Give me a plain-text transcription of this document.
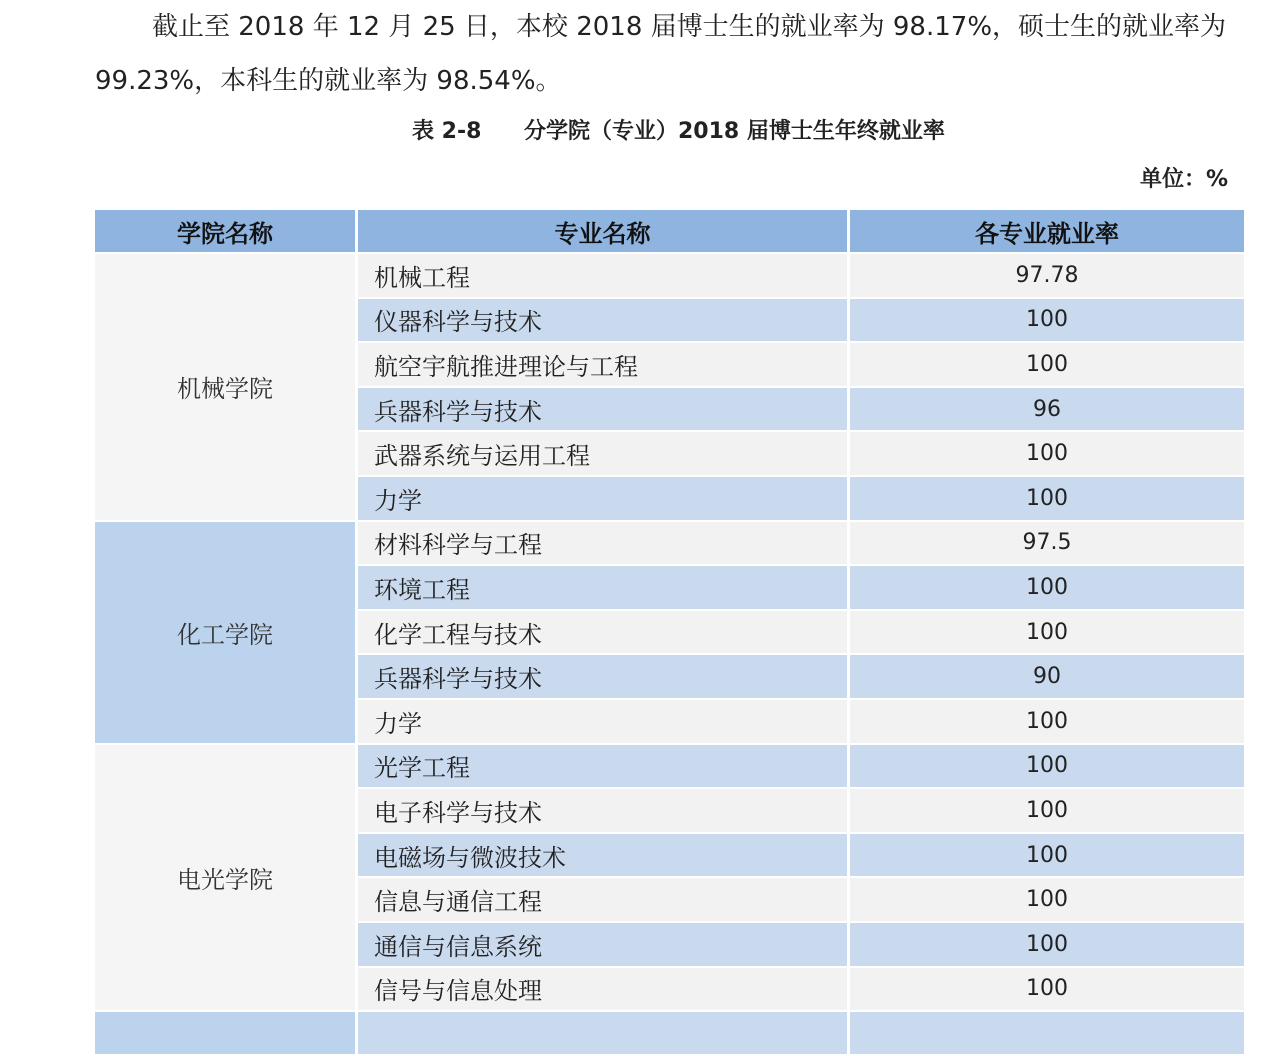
截止至 2018 年 12 月 25 日，本校 2018 届博士生的就业率为 98.17%，硕士生的就业率为
99.23%，本科生的就业率为 98.54%。
表 2-8 分学院（专业）2018 届博士生年终就业率
单位：%
学院名称	专业名称	各专业就业率
机械学院
机械工程	97.78
仪器科学与技术	100
航空宇航推进理论与工程	100
兵器科学与技术	96
武器系统与运用工程	100
力学	100
化工学院
材料科学与工程	97.5
环境工程	100
化学工程与技术	100
兵器科学与技术	90
力学	100
电光学院
光学工程	100
电子科学与技术	100
电磁场与微波技术	100
信息与通信工程	100
通信与信息系统	100
信号与信息处理	100
